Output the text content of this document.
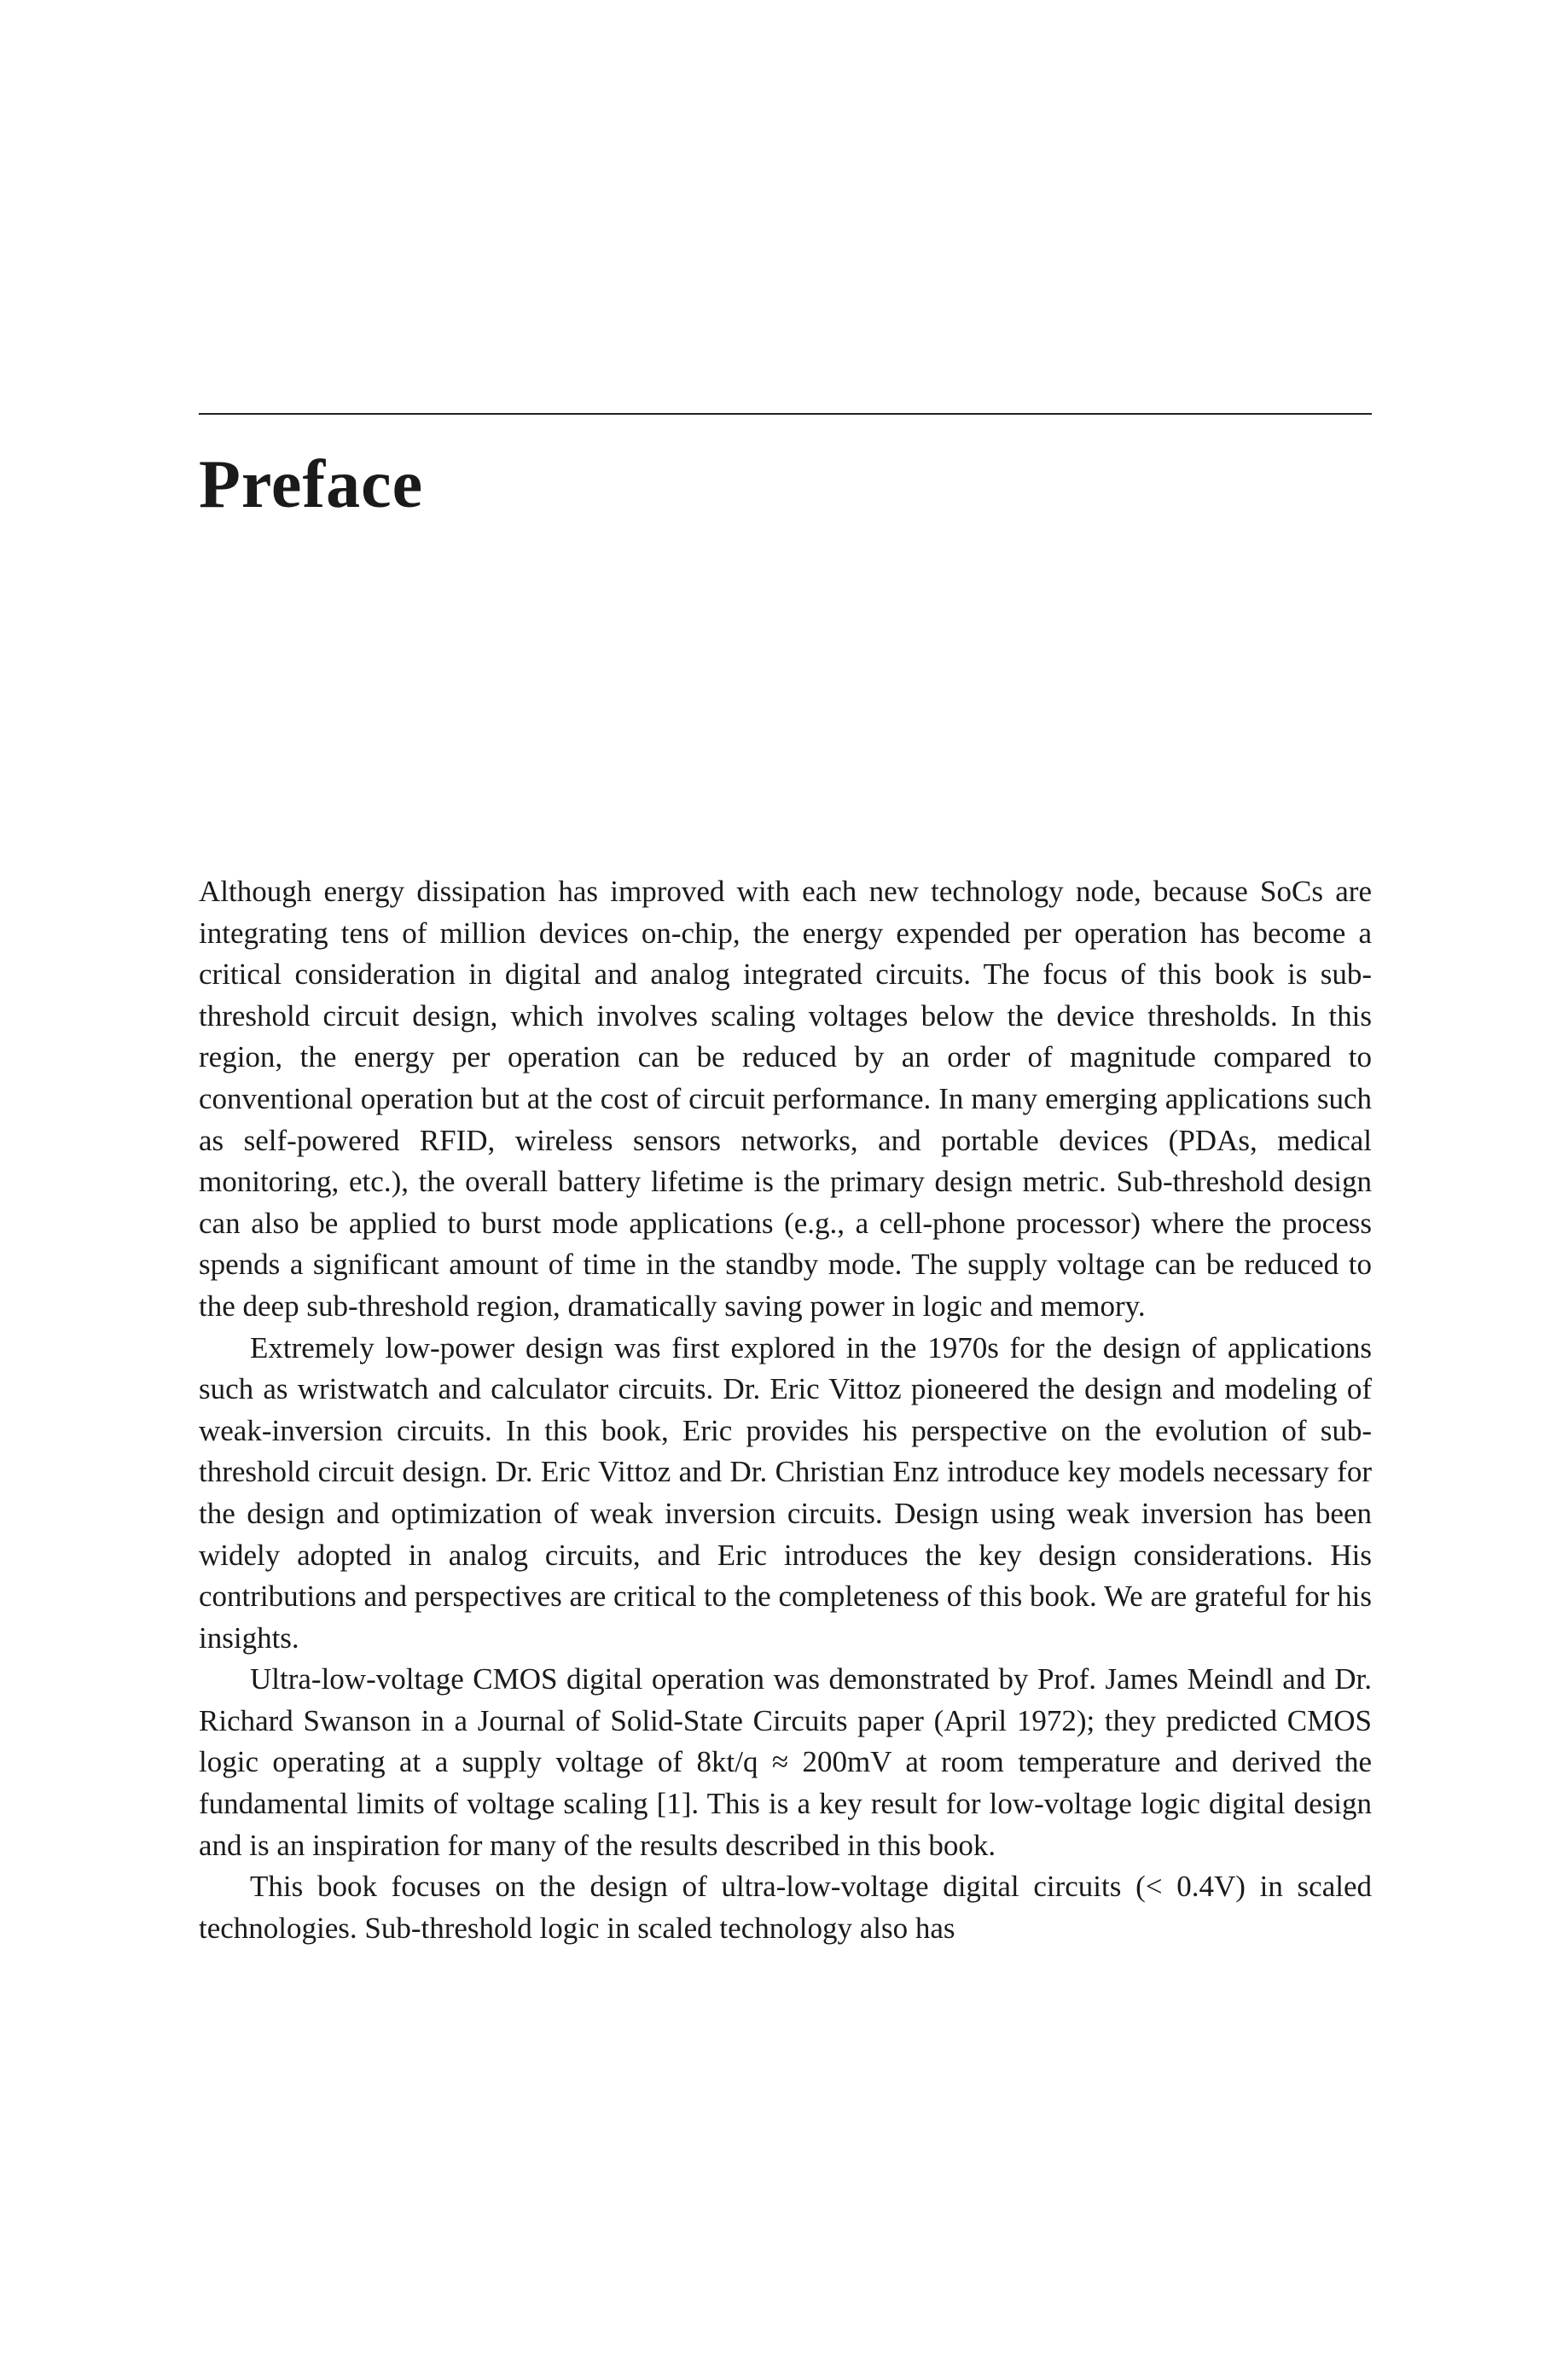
Preface

Although energy dissipation has improved with each new technology node, because SoCs are integrating tens of million devices on-chip, the energy expended per operation has become a critical consideration in digital and analog integrated circuits. The focus of this book is sub-threshold circuit design, which involves scaling voltages below the device thresholds. In this region, the energy per operation can be reduced by an order of magnitude compared to conventional operation but at the cost of circuit performance. In many emerging applications such as self-powered RFID, wireless sensors networks, and portable devices (PDAs, medical monitoring, etc.), the overall battery lifetime is the primary design metric. Sub-threshold design can also be applied to burst mode applications (e.g., a cell-phone processor) where the process spends a significant amount of time in the standby mode. The supply voltage can be reduced to the deep sub-threshold region, dramatically saving power in logic and memory.

Extremely low-power design was first explored in the 1970s for the design of applications such as wristwatch and calculator circuits. Dr. Eric Vittoz pioneered the design and modeling of weak-inversion circuits. In this book, Eric provides his perspective on the evolution of sub-threshold circuit design. Dr. Eric Vittoz and Dr. Christian Enz introduce key models necessary for the design and optimization of weak inversion circuits. Design using weak inversion has been widely adopted in analog circuits, and Eric introduces the key design considerations. His contributions and perspectives are critical to the completeness of this book. We are grateful for his insights.

Ultra-low-voltage CMOS digital operation was demonstrated by Prof. James Meindl and Dr. Richard Swanson in a Journal of Solid-State Circuits paper (April 1972); they predicted CMOS logic operating at a supply voltage of 8kt/q ≈ 200mV at room temperature and derived the fundamental limits of voltage scaling [1]. This is a key result for low-voltage logic digital design and is an inspiration for many of the results described in this book.

This book focuses on the design of ultra-low-voltage digital circuits (< 0.4V) in scaled technologies. Sub-threshold logic in scaled technology also has
